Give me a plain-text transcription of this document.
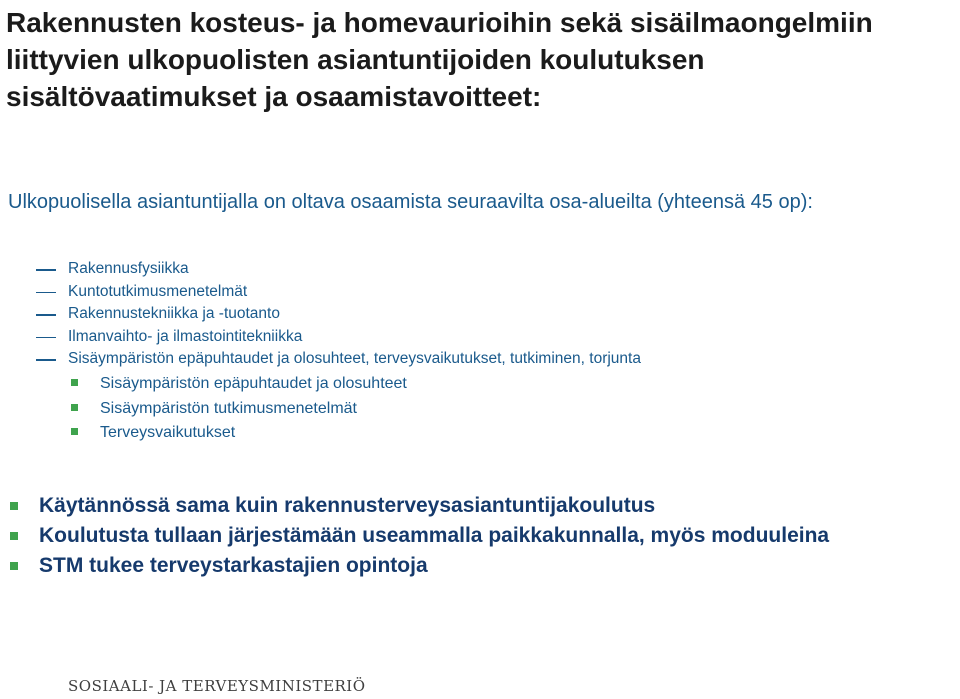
Rakennusten kosteus- ja homevaurioihin sekä sisäilmaongelmiin liittyvien ulkopuolisten asiantuntijoiden koulutuksen sisältövaatimukset ja osaamistavoitteet:

Ulkopuolisella asiantuntijalla on oltava osaamista seuraavilta osa-alueilta (yhteensä 45 op):

Rakennusfysiikka
Kuntotutkimusmenetelmät
Rakennustekniikka ja -tuotanto
Ilmanvaihto- ja ilmastointitekniikka
Sisäympäristön epäpuhtaudet ja olosuhteet, terveysvaikutukset, tutkiminen, torjunta
Sisäympäristön epäpuhtaudet ja olosuhteet
Sisäympäristön tutkimusmenetelmät
Terveysvaikutukset
Käytännössä sama kuin rakennusterveysasiantuntijakoulutus
Koulutusta tullaan järjestämään useammalla paikkakunnalla, myös moduuleina
STM tukee terveystarkastajien opintoja
SOSIAALI- JA TERVEYSMINISTERIÖ
